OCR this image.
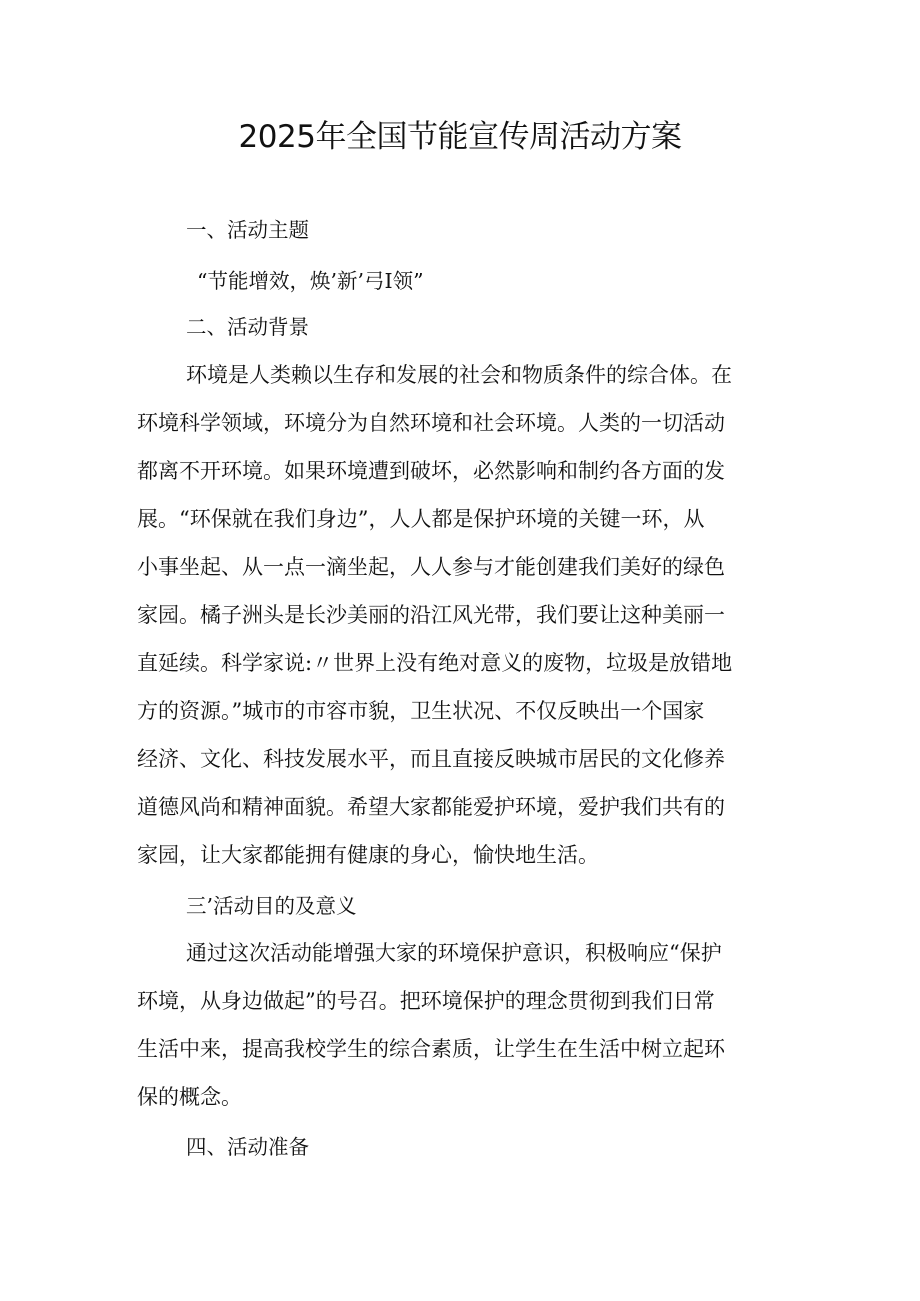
2025年全国节能宣传周活动方案

一、活动主题

“节能增效，焕’新’弓I领”

二、活动背景

环境是人类赖以生存和发展的社会和物质条件的综合体。在
环境科学领域，环境分为自然环境和社会环境。人类的一切活动
都离不开环境。如果环境遭到破坏，必然影响和制约各方面的发
展。“环保就在我们身边”，人人都是保护环境的关键一环，从
小事坐起、从一点一滴坐起，人人参与才能创建我们美好的绿色
家园。橘子洲头是长沙美丽的沿江风光带，我们要让这种美丽一
直延续。科学家说:〃世界上没有绝对意义的废物，垃圾是放错地
方的资源。”城市的市容市貌，卫生状况、不仅反映出一个国家
经济、文化、科技发展水平，而且直接反映城市居民的文化修养
道德风尚和精神面貌。希望大家都能爱护环境，爱护我们共有的
家园，让大家都能拥有健康的身心，愉快地生活。

三’活动目的及意义

通过这次活动能增强大家的环境保护意识，积极响应“保护
环境，从身边做起”的号召。把环境保护的理念贯彻到我们日常
生活中来，提高我校学生的综合素质，让学生在生活中树立起环
保的概念。

四、活动准备
